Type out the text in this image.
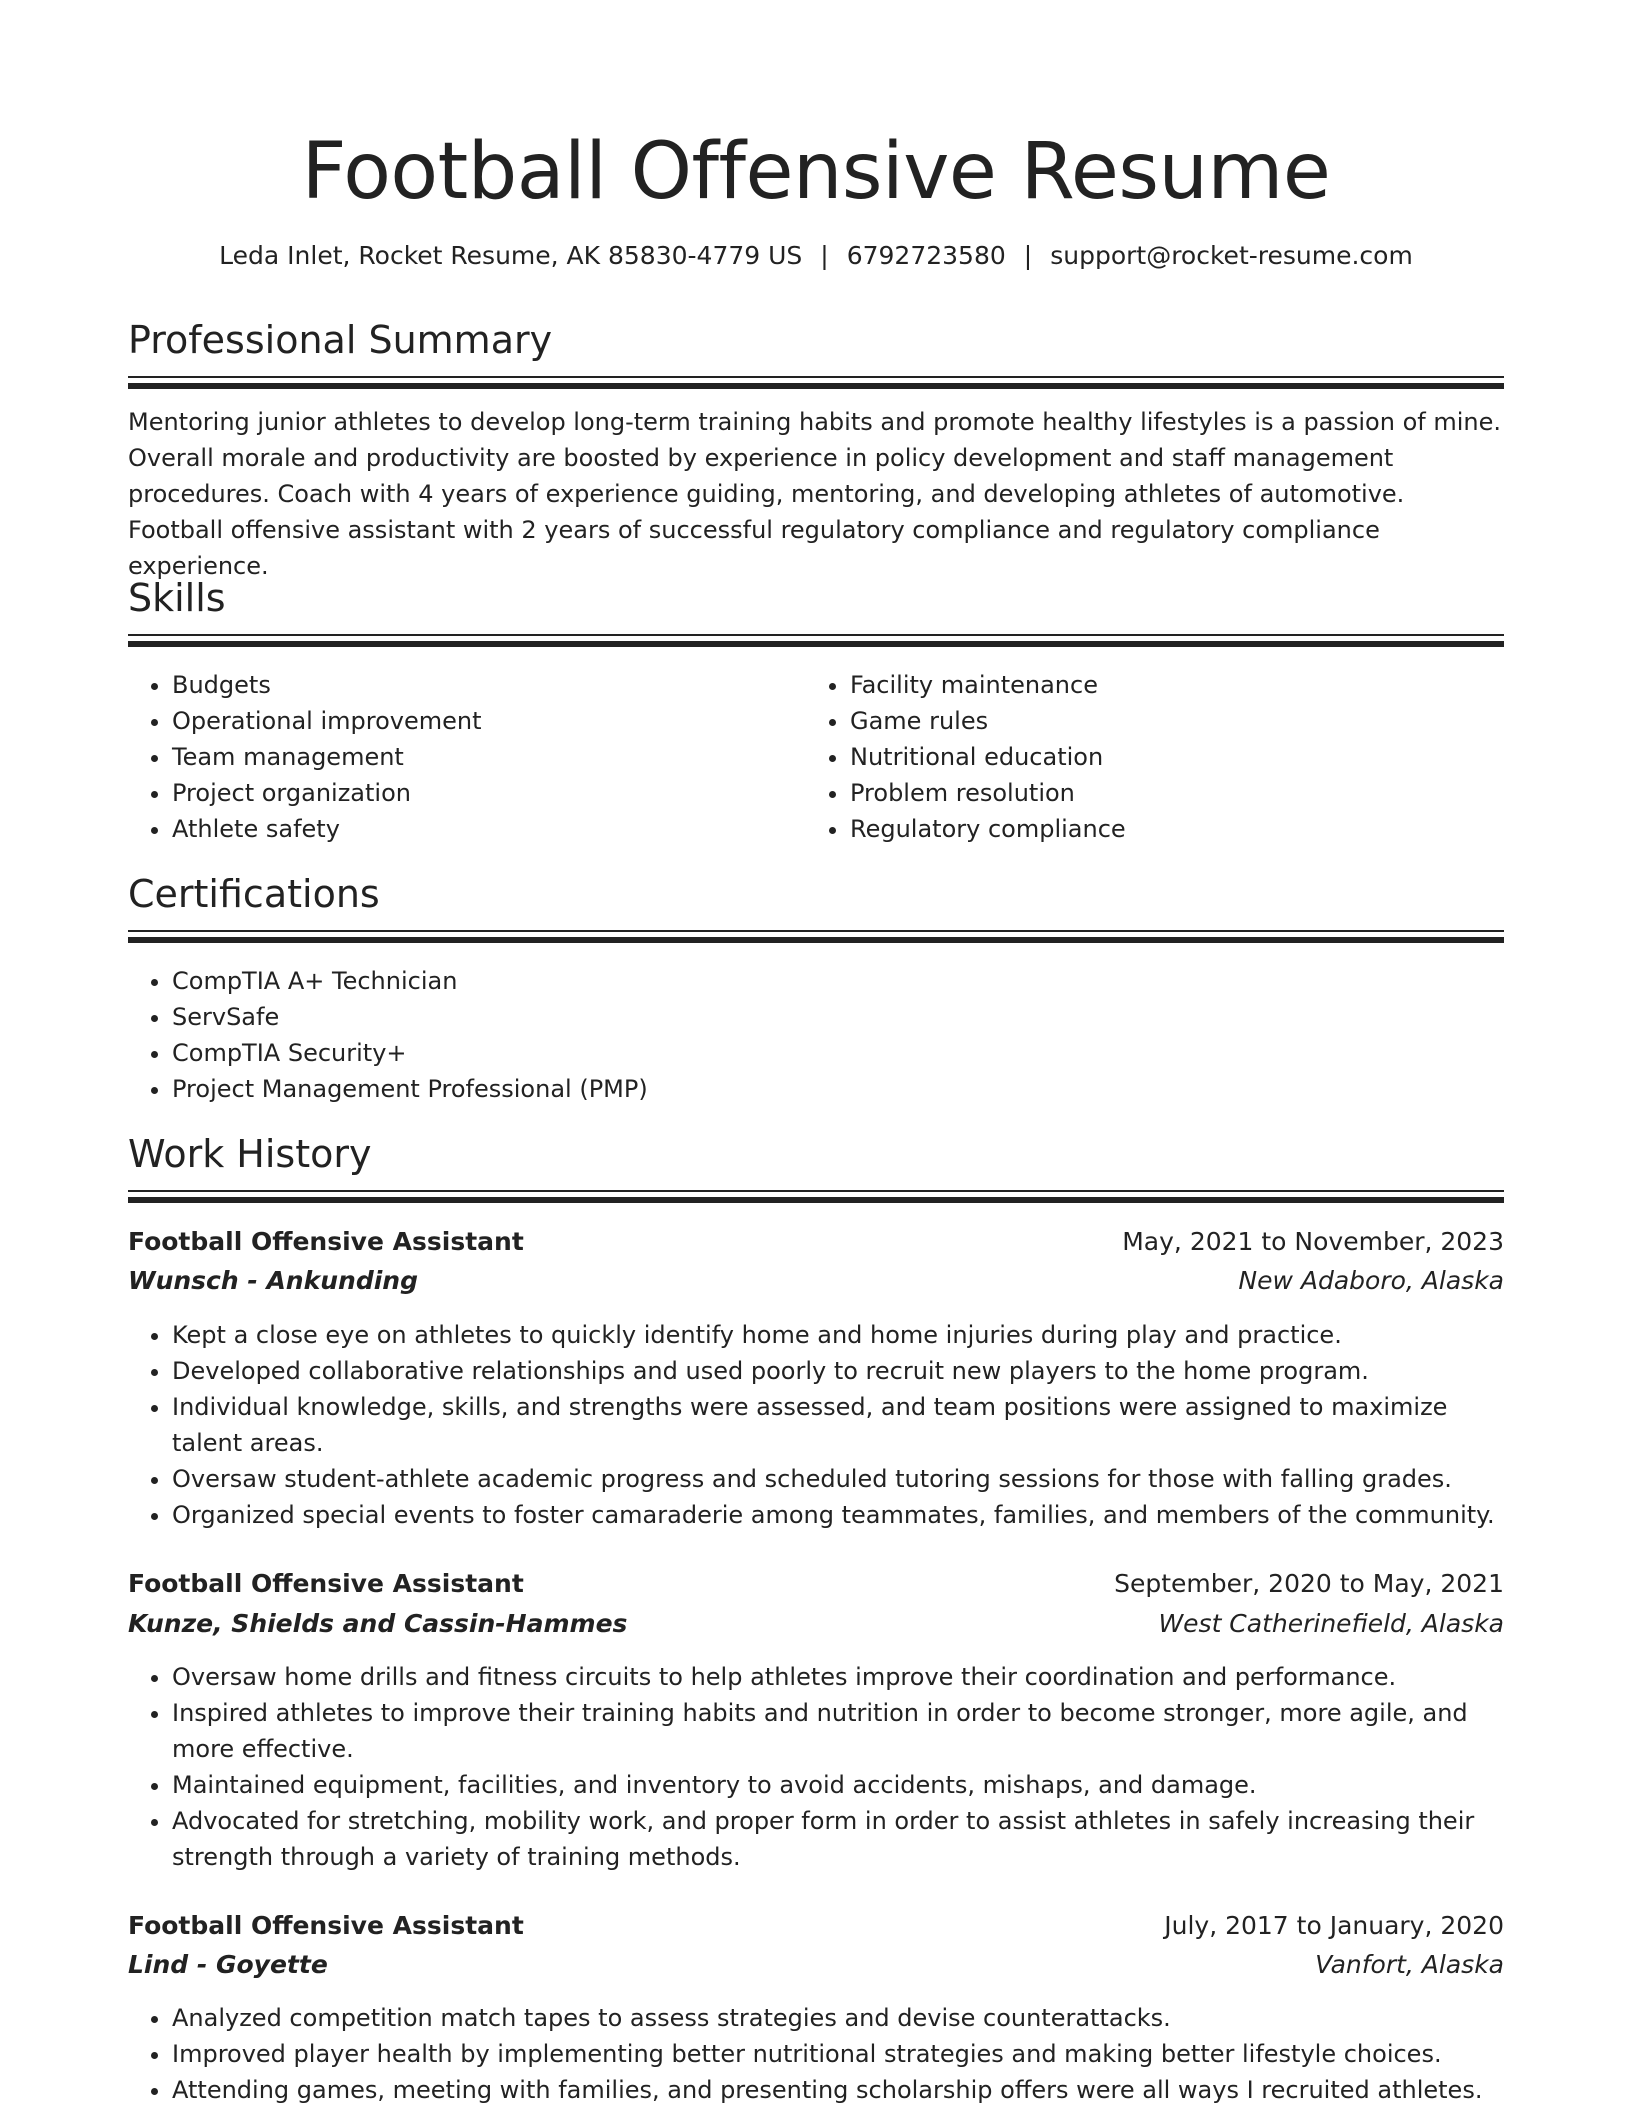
Football Offensive Resume
Leda Inlet, Rocket Resume, AK 85830-4779 US | 6792723580 | support@rocket-resume.com
Professional Summary

Mentoring junior athletes to develop long-term training habits and promote healthy lifestyles is a passion of mine. Overall morale and productivity are boosted by experience in policy development and staff management procedures. Coach with 4 years of experience guiding, mentoring, and developing athletes of automotive. Football offensive assistant with 2 years of successful regulatory compliance and regulatory compliance experience.

Skills
• Budgets
• Operational improvement
• Team management
• Project organization
• Athlete safety
• Facility maintenance
• Game rules
• Nutritional education
• Problem resolution
• Regulatory compliance
Certifications
• CompTIA A+ Technician
• ServSafe
• CompTIA Security+
• Project Management Professional (PMP)
Work History
Football Offensive Assistant	May, 2021 to November, 2023
Wunsch - Ankunding	New Adaboro, Alaska
• Kept a close eye on athletes to quickly identify home and home injuries during play and practice.
• Developed collaborative relationships and used poorly to recruit new players to the home program.
• Individual knowledge, skills, and strengths were assessed, and team positions were assigned to maximize talent areas.
• Oversaw student-athlete academic progress and scheduled tutoring sessions for those with falling grades.
• Organized special events to foster camaraderie among teammates, families, and members of the community.
Football Offensive Assistant	September, 2020 to May, 2021
Kunze, Shields and Cassin-Hammes	West Catherinefield, Alaska
• Oversaw home drills and fitness circuits to help athletes improve their coordination and performance.
• Inspired athletes to improve their training habits and nutrition in order to become stronger, more agile, and more effective.
• Maintained equipment, facilities, and inventory to avoid accidents, mishaps, and damage.
• Advocated for stretching, mobility work, and proper form in order to assist athletes in safely increasing their strength through a variety of training methods.
Football Offensive Assistant	July, 2017 to January, 2020
Lind - Goyette	Vanfort, Alaska
• Analyzed competition match tapes to assess strategies and devise counterattacks.
• Improved player health by implementing better nutritional strategies and making better lifestyle choices.
• Attending games, meeting with families, and presenting scholarship offers were all ways I recruited athletes.
